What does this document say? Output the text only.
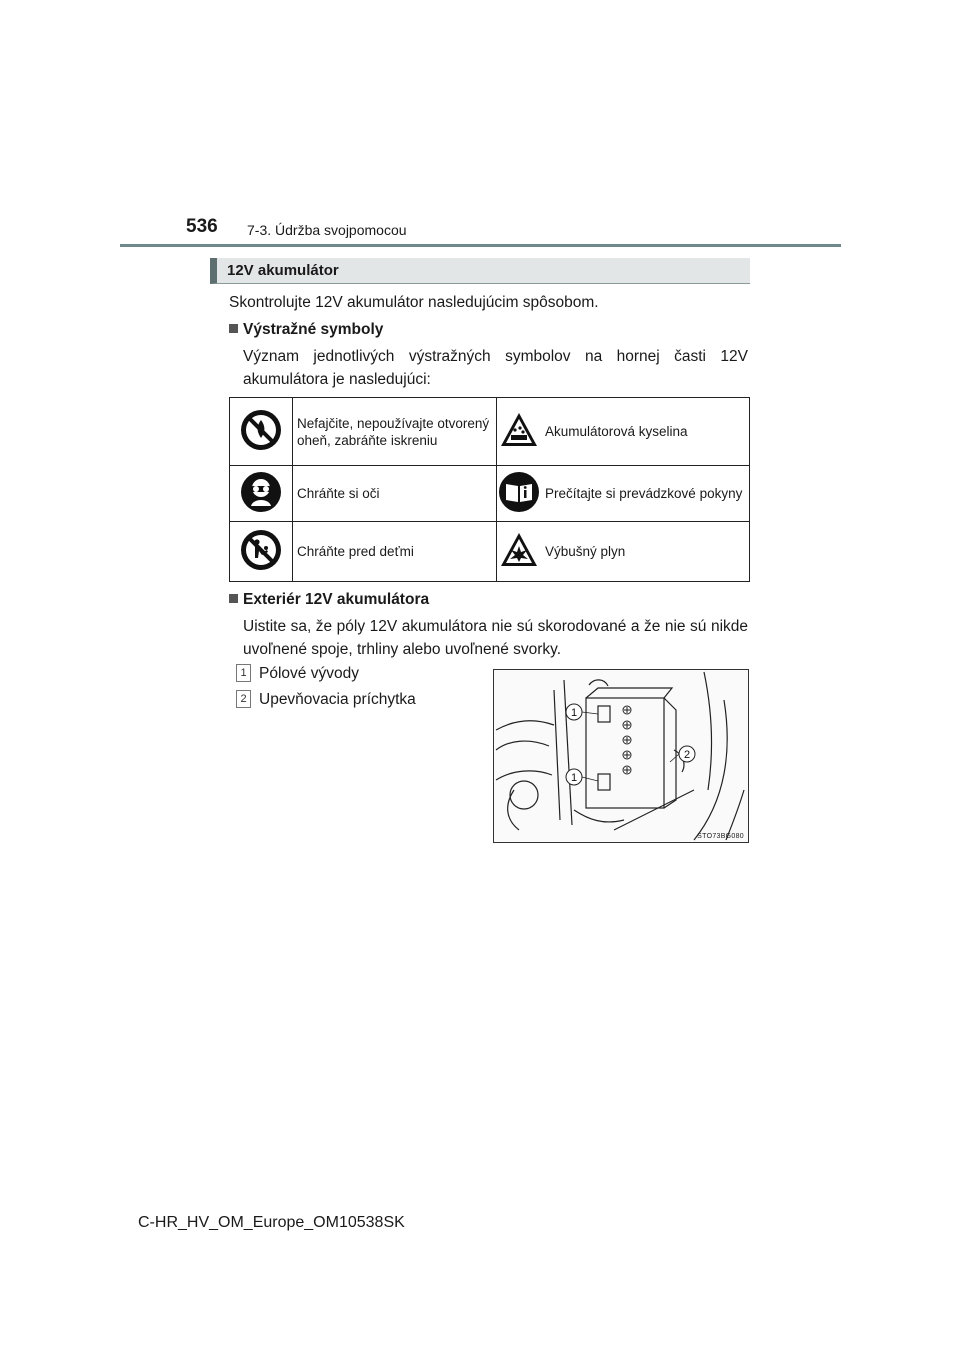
536 7-3. Údržba svojpomocou
12V akumulátor
Skontrolujte 12V akumulátor nasledujúcim spôsobom.
Výstražné symboly
Význam jednotlivých výstražných symbolov na hornej časti 12V akumulátora je nasledujúci:
	Nefajčite, nepoužívajte otvorený oheň, zabráňte iskreniu		Akumulátorová kyselina
	Chráňte si oči		Prečítajte si prevádzkové pokyny
	Chráňte pred deťmi		Výbušný plyn
Exteriér 12V akumulátora
Uistite sa, že póly 12V akumulátora nie sú skorodované a že nie sú nikde uvoľnené spoje, trhliny alebo uvoľnené svorky.
1 Pólové vývody
2 Upevňovacia príchytka
1
1
2
STO73BG080
C-HR_HV_OM_Europe_OM10538SK
